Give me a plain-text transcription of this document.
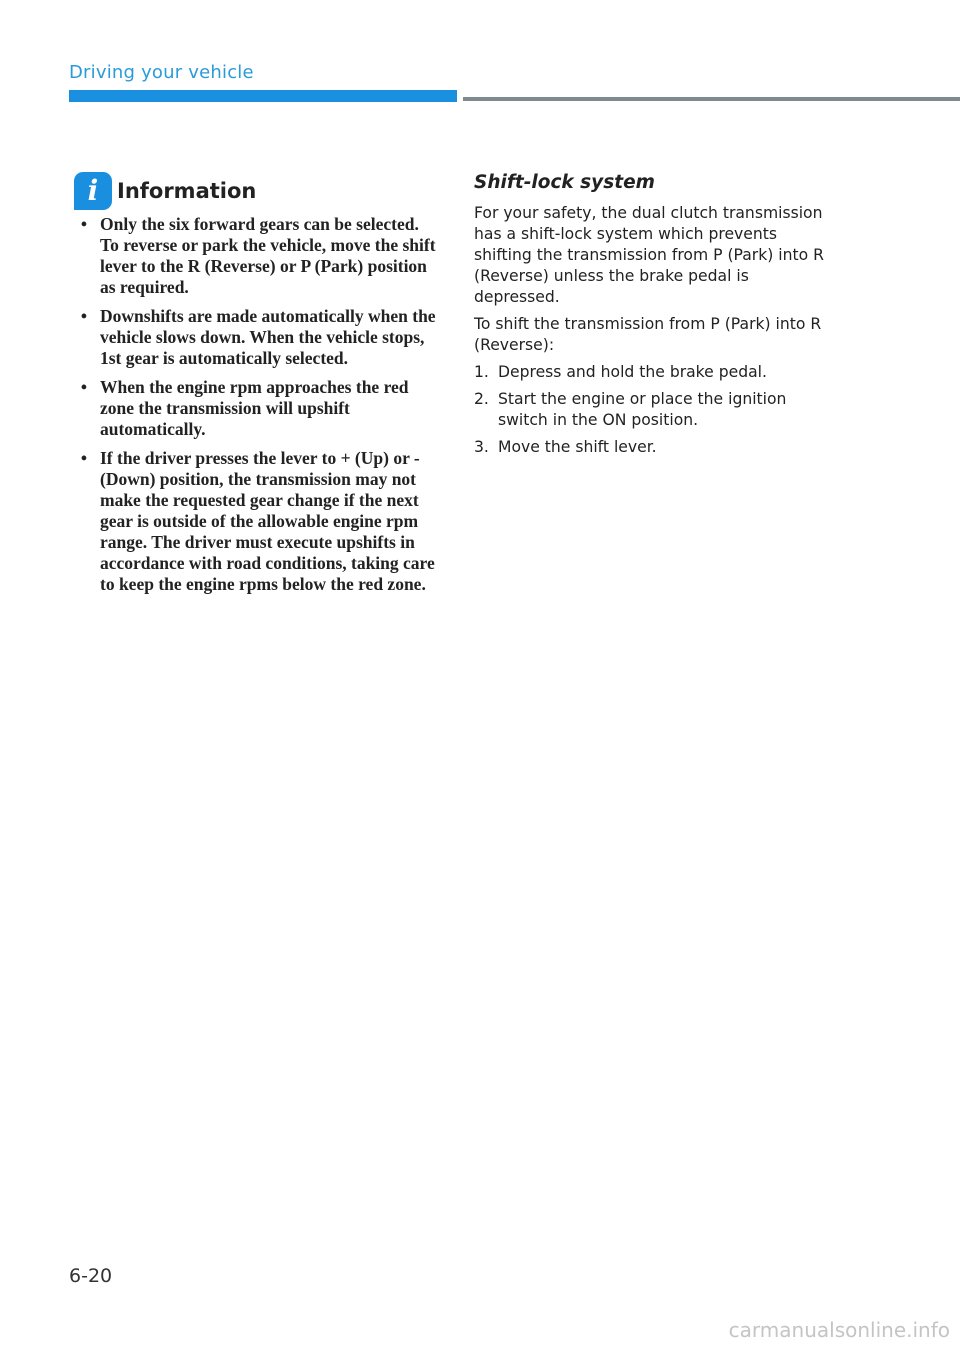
Driving your vehicle
i Information
• Only the six forward gears can be selected. To reverse or park the vehicle, move the shift lever to the R (Reverse) or P (Park) position as required.
• Downshifts are made automatically when the vehicle slows down. When the vehicle stops, 1st gear is automatically selected.
• When the engine rpm approaches the red zone the transmission will upshift automatically.
• If the driver presses the lever to + (Up) or - (Down) position, the transmission may not make the requested gear change if the next gear is outside of the allowable engine rpm range. The driver must execute upshifts in accordance with road conditions, taking care to keep the engine rpms below the red zone.
Shift-lock system

For your safety, the dual clutch transmission has a shift-lock system which prevents shifting the transmission from P (Park) into R (Reverse) unless the brake pedal is depressed.

To shift the transmission from P (Park) into R (Reverse):

1. Depress and hold the brake pedal.
2. Start the engine or place the ignition switch in the ON position.
3. Move the shift lever.
6-20
carmanualsonline.info
